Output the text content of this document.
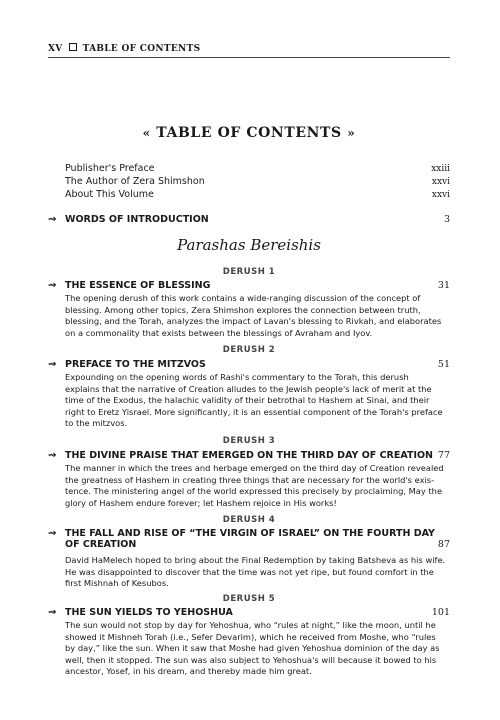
XV TABLE OF CONTENTS
« TABLE OF CONTENTS »
Publisher's Preface	xxiii
The Author of Zera Shimshon	xxvi
About This Volume	xxvi
⇝ WORDS OF INTRODUCTION	3
Parashas Bereishis
DERUSH 1
⇝ THE ESSENCE OF BLESSING	31
The opening derush of this work contains a wide-ranging discussion of the concept of
blessing. Among other topics, Zera Shimshon explores the connection between truth,
blessing, and the Torah, analyzes the impact of Lavan's blessing to Rivkah, and elaborates
on a commonality that exists between the blessings of Avraham and Iyov.
DERUSH 2
⇝ PREFACE TO THE MITZVOS	51
Expounding on the opening words of Rashi's commentary to the Torah, this derush
explains that the narrative of Creation alludes to the Jewish people's lack of merit at the
time of the Exodus, the halachic validity of their betrothal to Hashem at Sinai, and their
right to Eretz Yisrael. More significantly, it is an essential component of the Torah's preface
to the mitzvos.
DERUSH 3
⇝ THE DIVINE PRAISE THAT EMERGED ON THE THIRD DAY OF CREATION 77
The manner in which the trees and herbage emerged on the third day of Creation revealed
the greatness of Hashem in creating three things that are necessary for the world's exis-
tence. The ministering angel of the world expressed this precisely by proclaiming, May the
glory of Hashem endure forever; let Hashem rejoice in His works!
DERUSH 4
⇝ THE FALL AND RISE OF “THE VIRGIN OF ISRAEL” ON THE FOURTH DAY
OF CREATION	87
David HaMelech hoped to bring about the Final Redemption by taking Batsheva as his wife.
He was disappointed to discover that the time was not yet ripe, but found comfort in the
first Mishnah of Kesubos.
DERUSH 5
⇝ THE SUN YIELDS TO YEHOSHUA	101
The sun would not stop by day for Yehoshua, who “rules at night,” like the moon, until he
showed it Mishneh Torah (i.e., Sefer Devarim), which he received from Moshe, who “rules
by day,” like the sun. When it saw that Moshe had given Yehoshua dominion of the day as
well, then it stopped. The sun was also subject to Yehoshua's will because it bowed to his
ancestor, Yosef, in his dream, and thereby made him great.
